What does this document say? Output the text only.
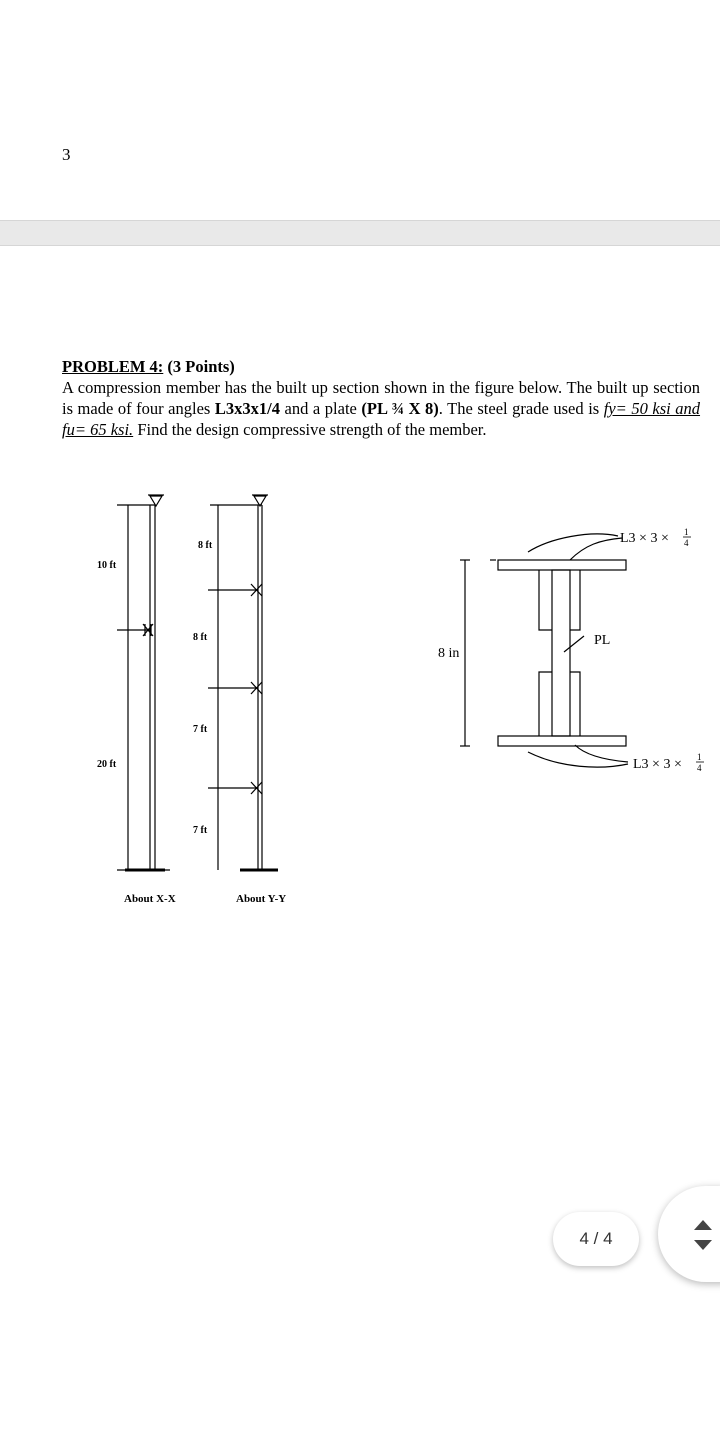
3

PROBLEM 4: (3 Points)

A compression member has the built up section shown in the figure below. The built up section is made of four angles L3x3x1/4 and a plate (PL ¾ X 8). The steel grade used is fy= 50 ksi and fu= 65 ksi. Find the design compressive strength of the member.

10 ft
20 ft
About X-X
8 ft
8 ft
7 ft
7 ft
About Y-Y
8 in
PL
L3 × 3 × 1
4
L3 × 3 × 1
4
4 / 4
